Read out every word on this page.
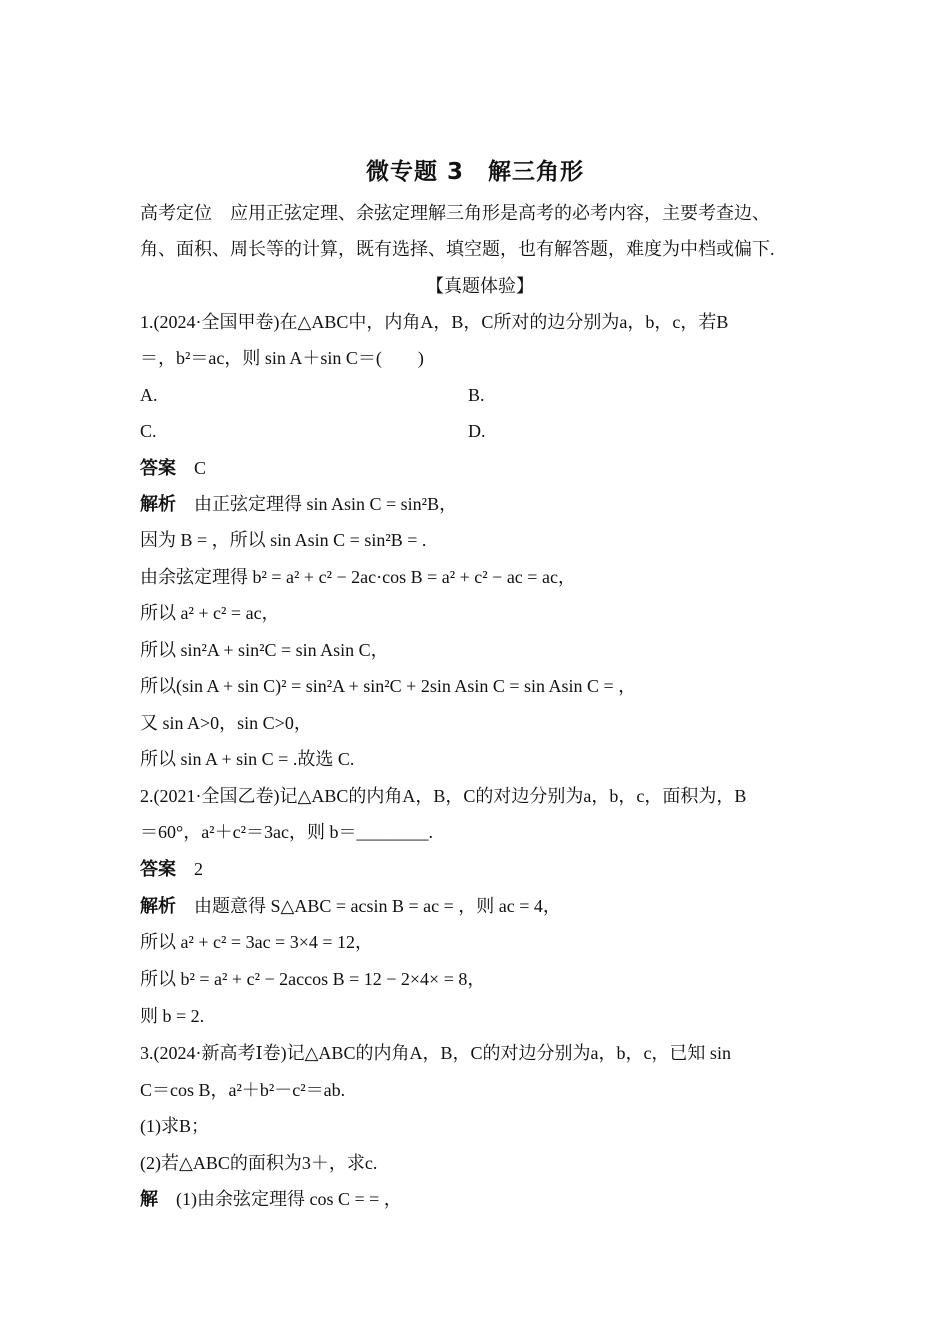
微专题 3　解三角形
高考定位　应用正弦定理、余弦定理解三角形是高考的必考内容，主要考查边、
角、面积、周长等的计算，既有选择、填空题，也有解答题，难度为中档或偏下.
【真题体验】
1.(2024·全国甲卷)在△ABC中，内角A，B，C所对的边分别为a，b，c，若B
＝，b²＝ac，则 sin A＋sin C＝(　　)
A.	B.
C.	D.
答案　 C
解析　 由正弦定理得 sin Asin C = sin²B，
因为 B = ，所以 sin Asin C = sin²B = .
由余弦定理得 b² = a² + c² − 2ac·cos B = a² + c² − ac = ac，
所以 a² + c² = ac，
所以 sin²A + sin²C = sin Asin C，
所以(sin A + sin C)² = sin²A + sin²C + 2sin Asin C = sin Asin C = ，
又 sin A>0，sin C>0，
所以 sin A + sin C = .故选 C.
2.(2021·全国乙卷)记△ABC的内角A，B，C的对边分别为a，b，c，面积为，B
＝60°，a²＋c²＝3ac，则 b＝________.
答案　 2
解析　 由题意得 S△ABC = acsin B = ac = ，则 ac = 4，
所以 a² + c² = 3ac = 3×4 = 12，
所以 b² = a² + c² − 2accos B = 12 − 2×4× = 8，
则 b = 2.
3.(2024·新高考Ⅰ卷)记△ABC的内角A，B，C的对边分别为a，b，c，已知 sin
C＝cos B，a²＋b²－c²＝ab.
(1)求B；
(2)若△ABC的面积为3＋，求c.
解　 (1)由余弦定理得 cos C = = ，
